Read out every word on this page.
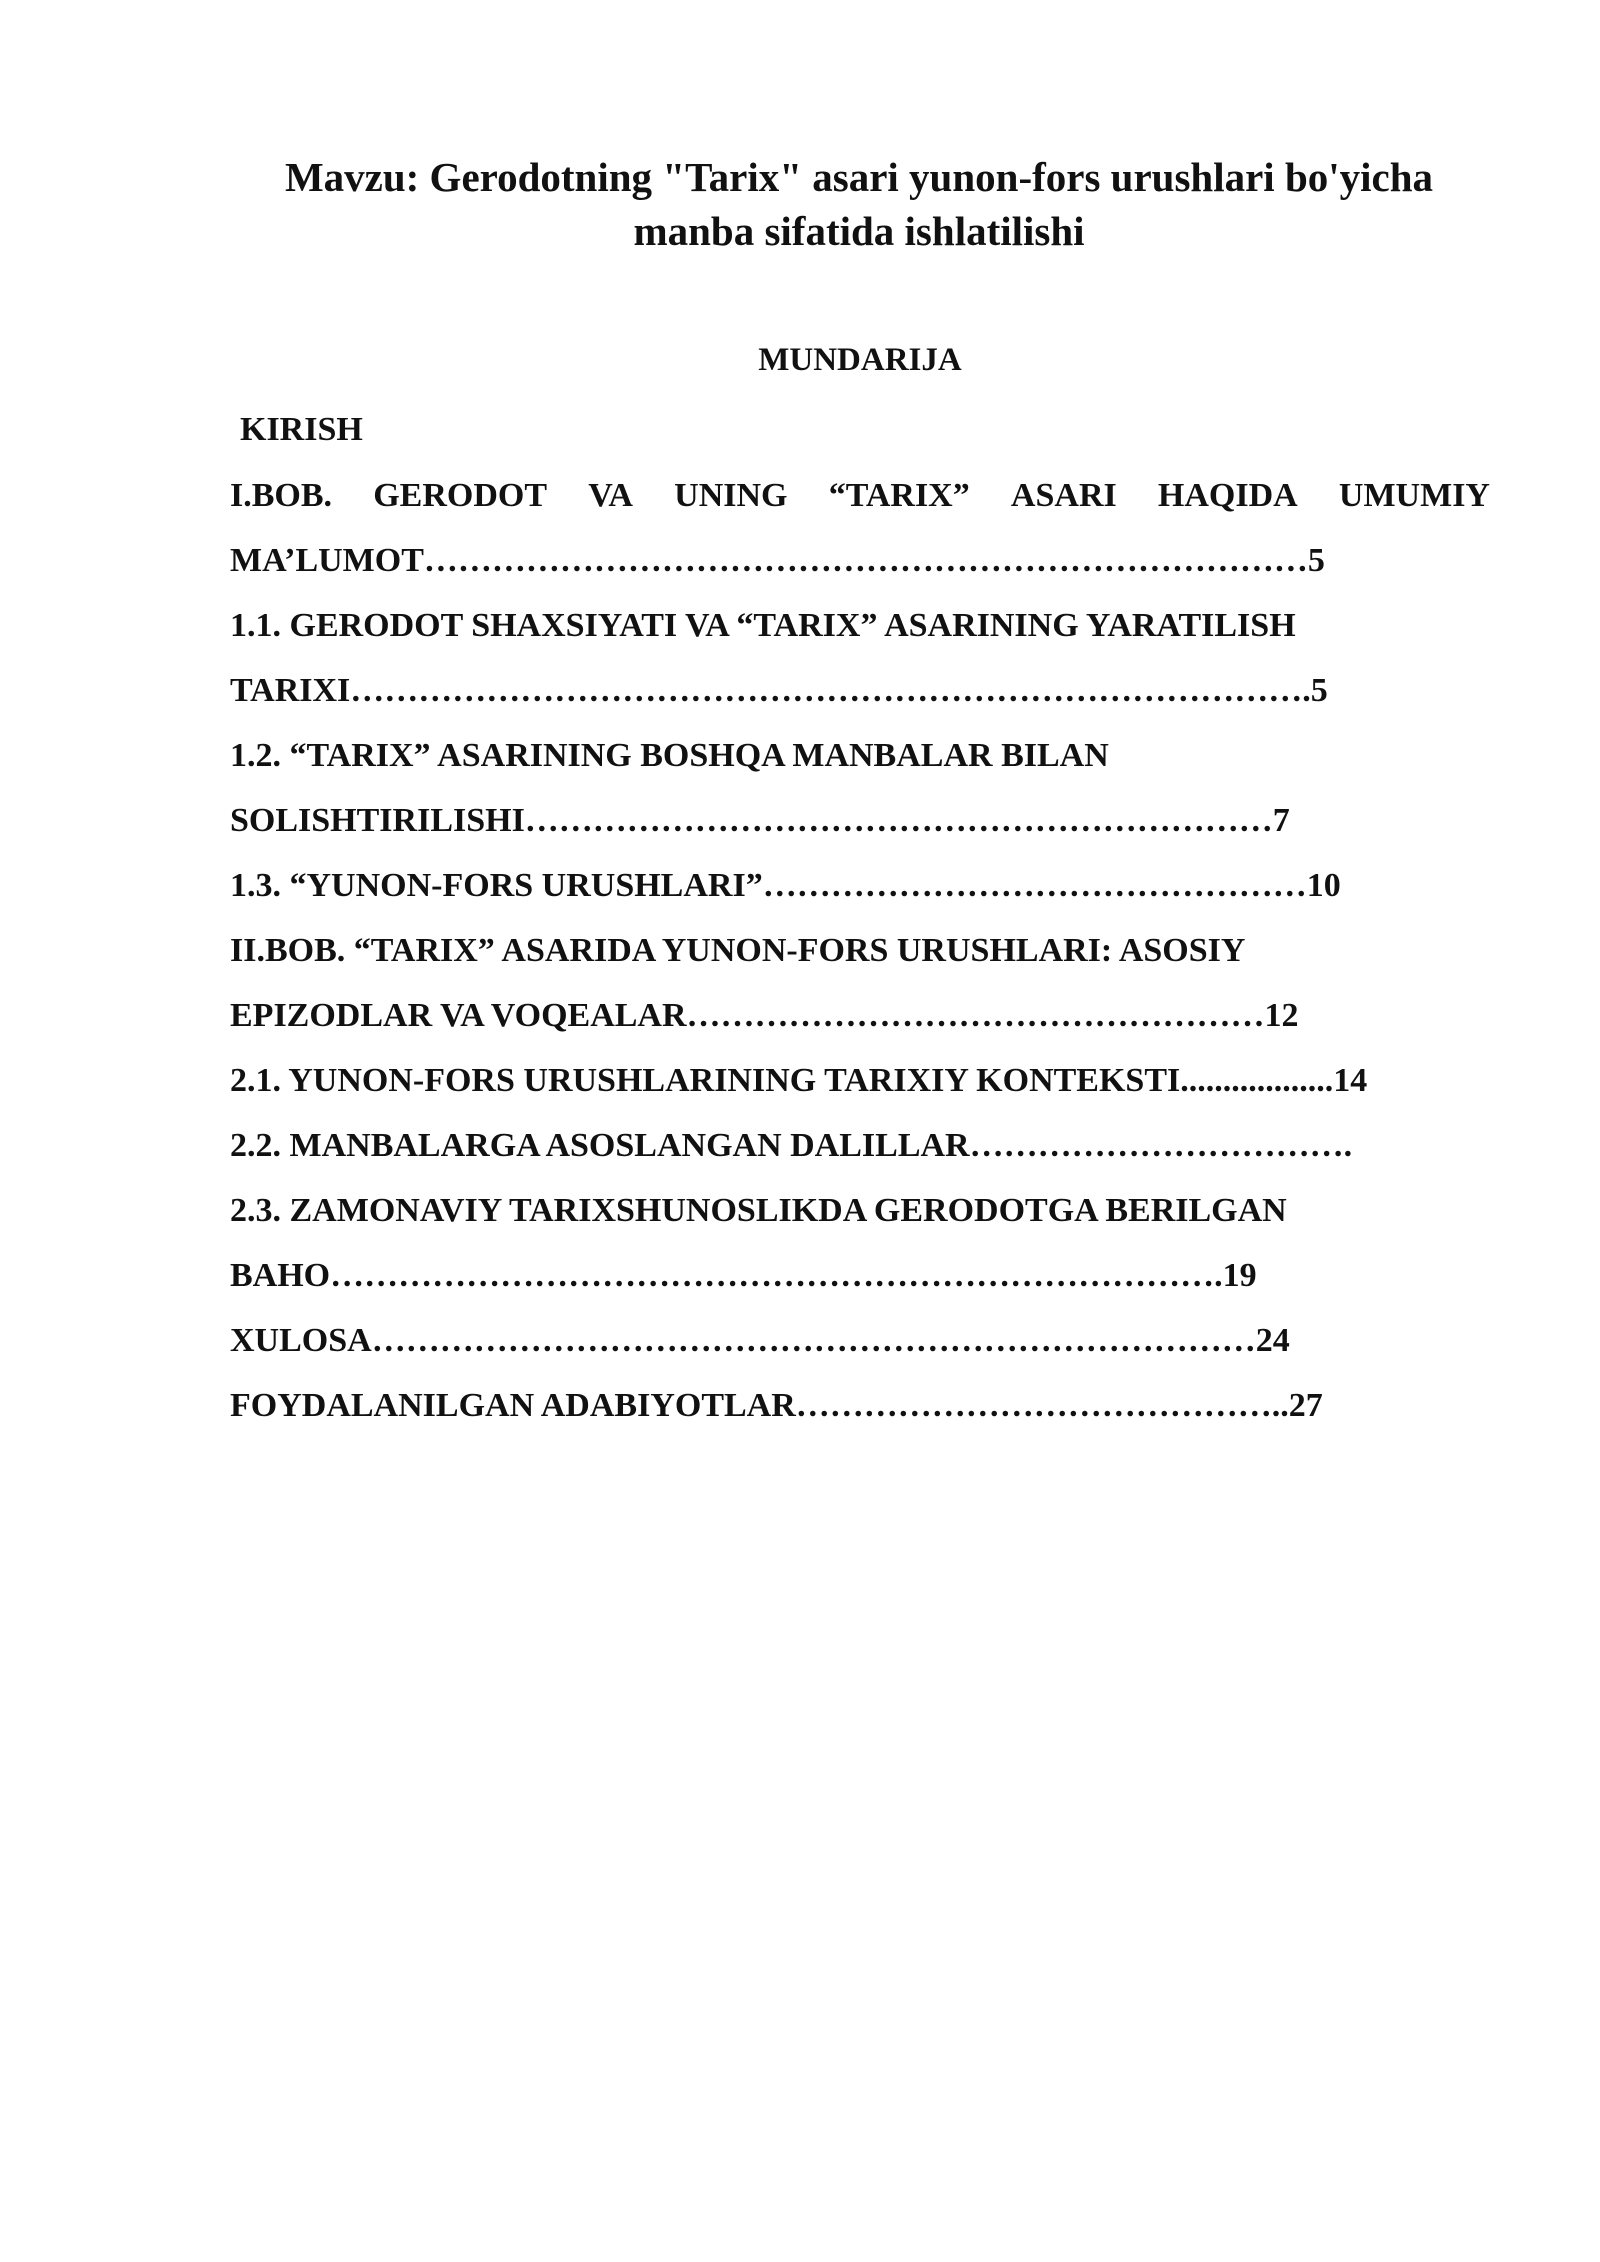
Mavzu: Gerodotning "Tarix" asari yunon-fors urushlari bo'yicha
manba sifatida ishlatilishi
MUNDARIJA
KIRISH
I.BOB. GERODOT VA UNING “TARIX” ASARI HAQIDA UMUMIY
MA’LUMOT……………………………………………………………………5
1.1. GERODOT SHAXSIYATI VA “TARIX” ASARINING YARATILISH
TARIXI………………………………………………………………………….5
1.2. “TARIX” ASARINING BOSHQA MANBALAR BILAN
SOLISHTIRILISHI…………………………………………………………7
1.3. “YUNON-FORS URUSHLARI”…………………………………………10
II.BOB. “TARIX” ASARIDA YUNON-FORS URUSHLARI: ASOSIY
EPIZODLAR VA VOQEALAR……………………………………………12
2.1. YUNON-FORS URUSHLARINING TARIXIY KONTEKSTI..................14
2.2. MANBALARGA ASOSLANGAN DALILLAR…………………………….
2.3. ZAMONAVIY TARIXSHUNOSLIKDA GERODOTGA BERILGAN
BAHO…………………………………………………………………….19
XULOSA……………………………………………………………………24
FOYDALANILGAN ADABIYOTLAR……………………………………..27
